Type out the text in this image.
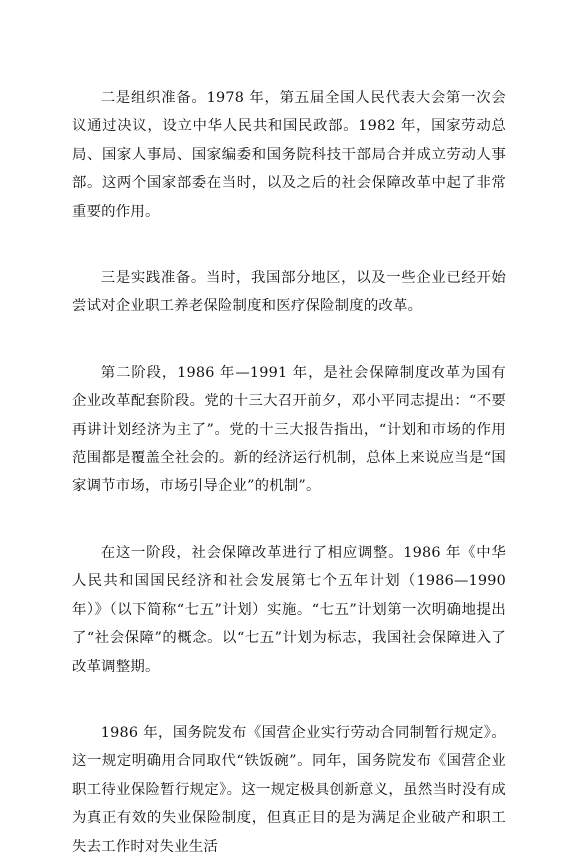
二是组织准备。1978 年，第五届全国人民代表大会第一次会议通过决议，设立中华人民共和国民政部。1982 年，国家劳动总局、国家人事局、国家编委和国务院科技干部局合并成立劳动人事部。这两个国家部委在当时，以及之后的社会保障改革中起了非常重要的作用。

三是实践准备。当时，我国部分地区，以及一些企业已经开始尝试对企业职工养老保险制度和医疗保险制度的改革。

第二阶段，1986 年—1991 年，是社会保障制度改革为国有企业改革配套阶段。党的十三大召开前夕，邓小平同志提出：“不要再讲计划经济为主了”。党的十三大报告指出，“计划和市场的作用范围都是覆盖全社会的。新的经济运行机制，总体上来说应当是“国家调节市场，市场引导企业”的机制”。

在这一阶段，社会保障改革进行了相应调整。1986 年《中华人民共和国国民经济和社会发展第七个五年计划（1986—1990 年）》（以下简称“七五”计划）实施。“七五”计划第一次明确地提出了“社会保障”的概念。以“七五”计划为标志，我国社会保障进入了改革调整期。

1986 年，国务院发布《国营企业实行劳动合同制暂行规定》。这一规定明确用合同取代“铁饭碗”。同年，国务院发布《国营企业职工待业保险暂行规定》。这一规定极具创新意义，虽然当时没有成为真正有效的失业保险制度，但真正目的是为满足企业破产和职工失去工作时对失业生活
